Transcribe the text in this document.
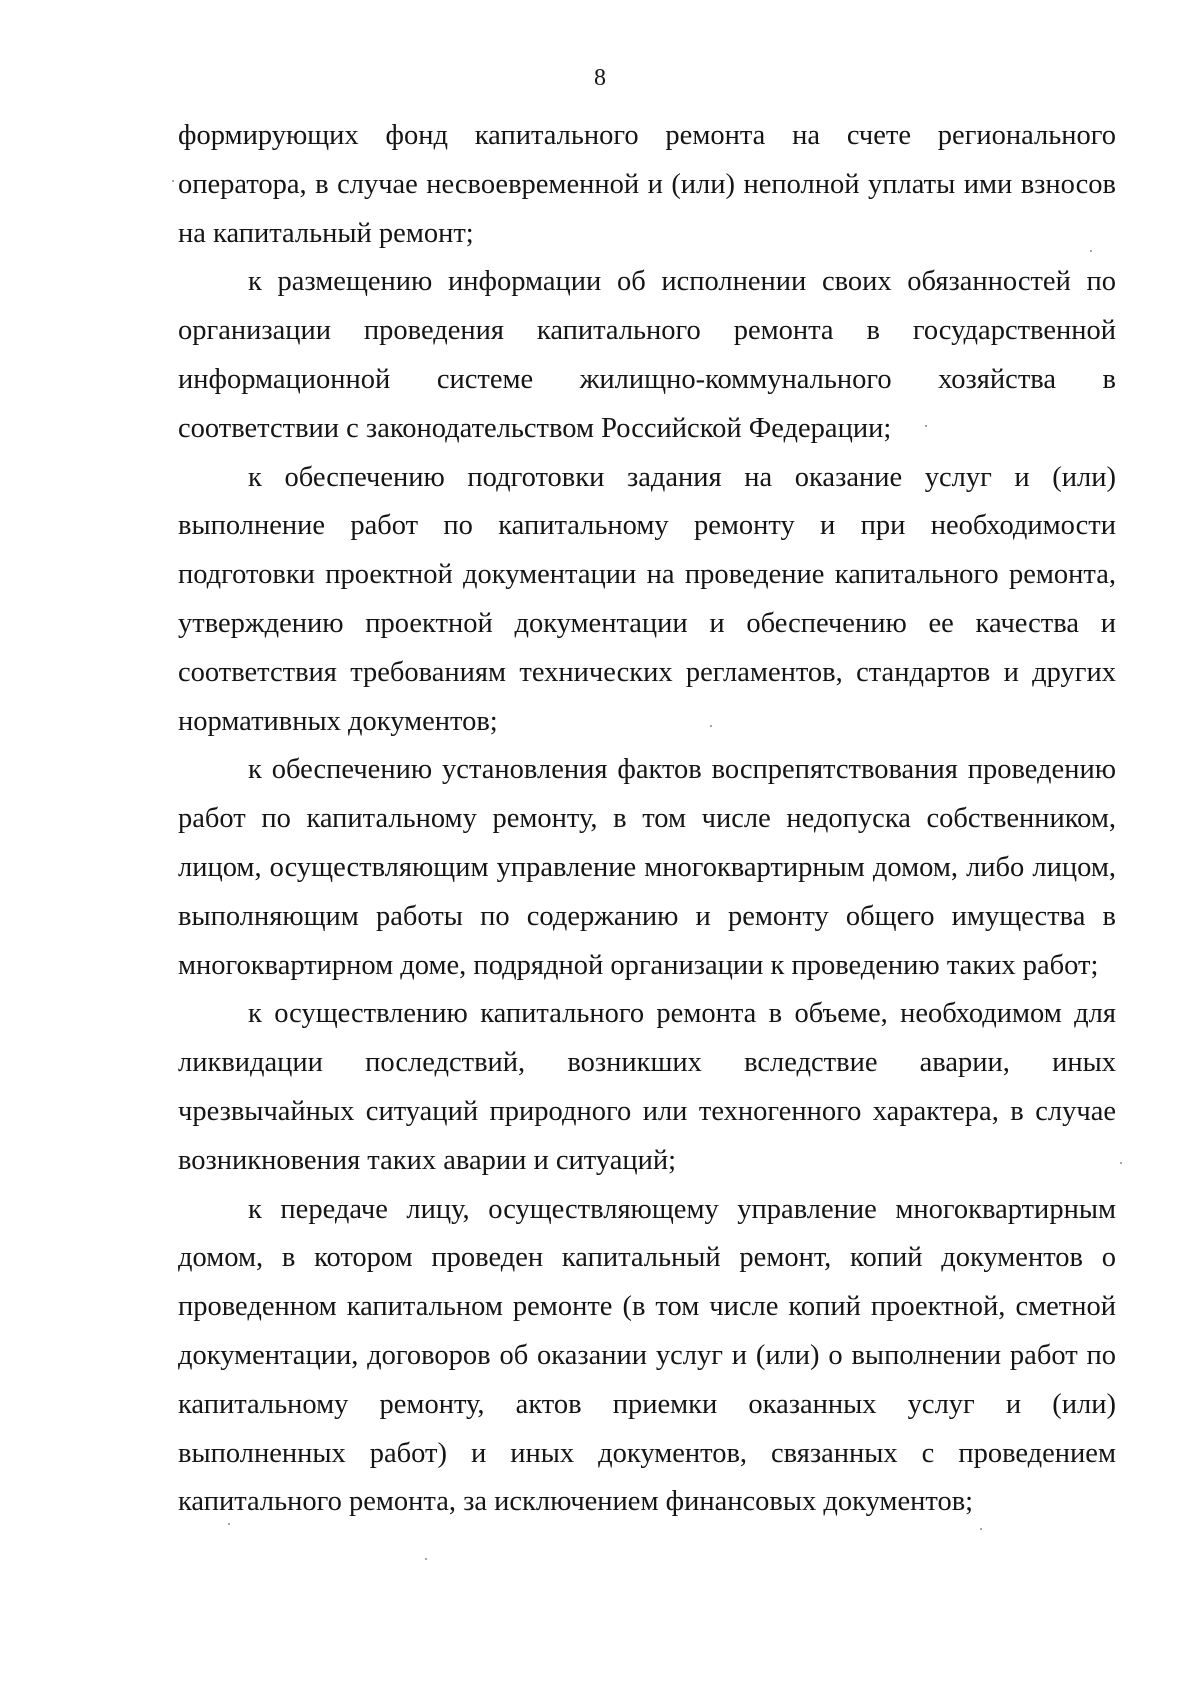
8

формирующих фонд капитального ремонта на счете регионального оператора, в случае несвоевременной и (или) неполной уплаты ими взносов на капитальный ремонт;

к размещению информации об исполнении своих обязанностей по организации проведения капитального ремонта в государственной информационной системе жилищно-коммунального хозяйства в соответствии с законодательством Российской Федерации;

к обеспечению подготовки задания на оказание услуг и (или) выполнение работ по капитальному ремонту и при необходимости подготовки проектной документации на проведение капитального ремонта, утверждению проектной документации и обеспечению ее качества и соответствия требованиям технических регламентов, стандартов и других нормативных документов;

к обеспечению установления фактов воспрепятствования проведению работ по капитальному ремонту, в том числе недопуска собственником, лицом, осуществляющим управление многоквартирным домом, либо лицом, выполняющим работы по содержанию и ремонту общего имущества в многоквартирном доме, подрядной организации к проведению таких работ;

к осуществлению капитального ремонта в объеме, необходимом для ликвидации последствий, возникших вследствие аварии, иных чрезвычайных ситуаций природного или техногенного характера, в случае возникновения таких аварии и ситуаций;

к передаче лицу, осуществляющему управление многоквартирным домом, в котором проведен капитальный ремонт, копий документов о проведенном капитальном ремонте (в том числе копий проектной, сметной документации, договоров об оказании услуг и (или) о выполнении работ по капитальному ремонту, актов приемки оказанных услуг и (или) выполненных работ) и иных документов, связанных с проведением капитального ремонта, за исключением финансовых документов;
